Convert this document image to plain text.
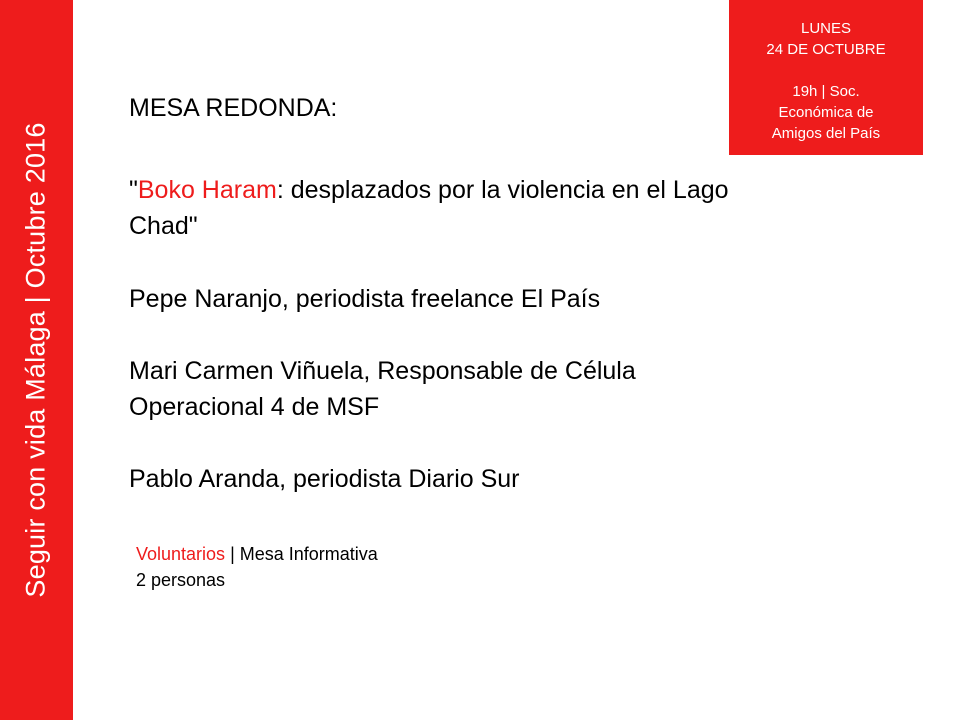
Seguir con vida Málaga | Octubre 2016
LUNES
24 DE OCTUBRE
19h | Soc.
Económica de
Amigos del País
MESA REDONDA:
"Boko Haram: desplazados por la violencia en el Lago Chad"

Pepe Naranjo, periodista freelance El País

Mari Carmen Viñuela, Responsable de Célula Operacional 4 de MSF

Pablo Aranda, periodista Diario Sur

Voluntarios | Mesa Informativa
2 personas
